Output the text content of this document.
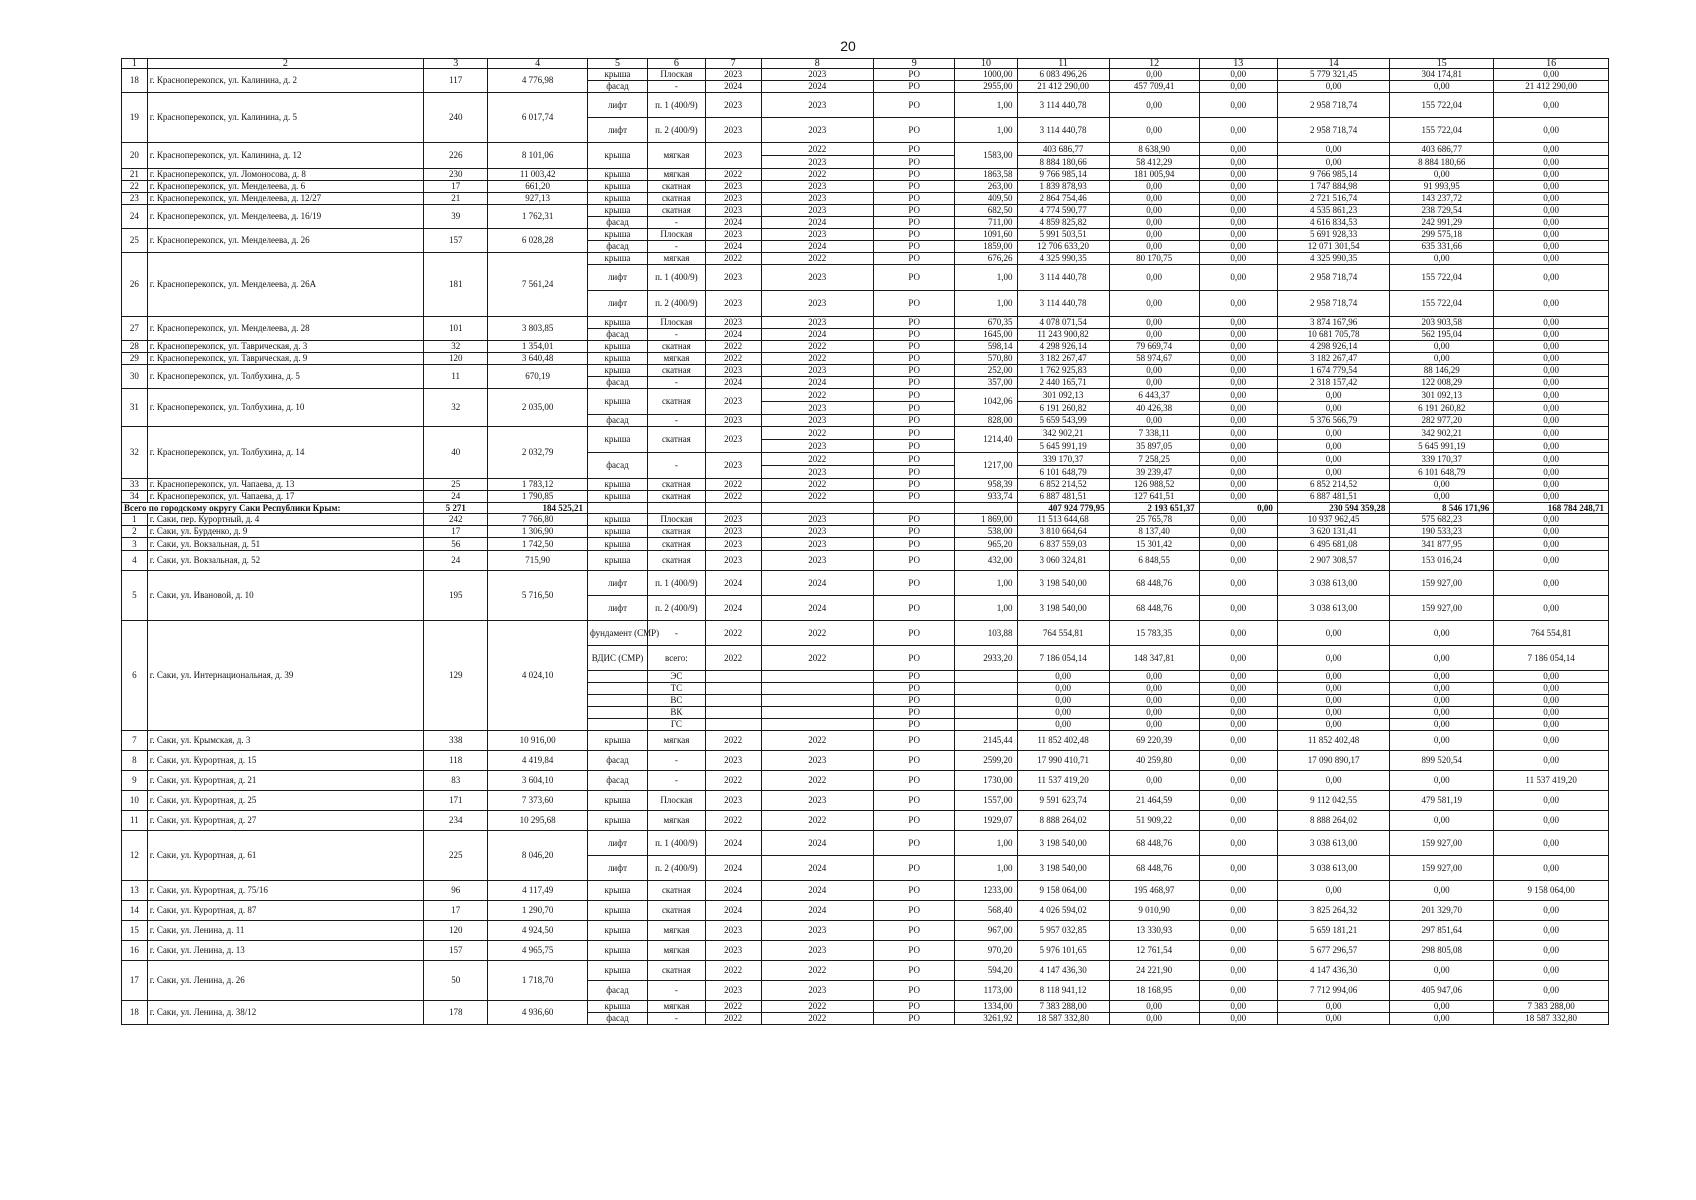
20
1	2	3	4	5	6	7	8	9	10	11	12	13	14	15	16
18	г. Красноперекопск, ул. Калинина, д. 2	117	4 776,98	крыша	Плоская	2023	2023	РО	1000,00	6 083 496,26	0,00	0,00	5 779 321,45	304 174,81	0,00
				фасад	-	2024	2024	РО	2955,00	21 412 290,00	457 709,41	0,00	0,00	0,00	21 412 290,00
19	г. Красноперекопск, ул. Калинина, д. 5	240	6 017,74	лифт	п. 1 (400/9)	2023	2023	РО	1,00	3 114 440,78	0,00	0,00	2 958 718,74	155 722,04	0,00
				лифт	п. 2 (400/9)	2023	2023	РО	1,00	3 114 440,78	0,00	0,00	2 958 718,74	155 722,04	0,00
20	г. Красноперекопск, ул. Калинина, д. 12	226	8 101,06	крыша	мягкая	2023	2022	РО	1583,00	403 686,77	8 638,90	0,00	0,00	403 686,77	0,00
							2023	РО		8 884 180,66	58 412,29	0,00	0,00	8 884 180,66	0,00
21	г. Красноперекопск, ул. Ломоносова, д. 8	230	11 003,42	крыша	мягкая	2022	2022	РО	1863,58	9 766 985,14	181 005,94	0,00	9 766 985,14	0,00	0,00
22	г. Красноперекопск, ул. Менделеева, д. 6	17	661,20	крыша	скатная	2023	2023	РО	263,00	1 839 878,93	0,00	0,00	1 747 884,98	91 993,95	0,00
23	г. Красноперекопск, ул. Менделеева, д. 12/27	21	927,13	крыша	скатная	2023	2023	РО	409,50	2 864 754,46	0,00	0,00	2 721 516,74	143 237,72	0,00
24	г. Красноперекопск, ул. Менделеева, д. 16/19	39	1 762,31	крыша	скатная	2023	2023	РО	682,50	4 774 590,77	0,00	0,00	4 535 861,23	238 729,54	0,00
				фасад	-	2024	2024	РО	711,00	4 859 825,82	0,00	0,00	4 616 834,53	242 991,29	0,00
25	г. Красноперекопск, ул. Менделеева, д. 26	157	6 028,28	крыша	Плоская	2023	2023	РО	1091,60	5 991 503,51	0,00	0,00	5 691 928,33	299 575,18	0,00
				фасад	-	2024	2024	РО	1859,00	12 706 633,20	0,00	0,00	12 071 301,54	635 331,66	0,00
26	г. Красноперекопск, ул. Менделеева, д. 26А	181	7 561,24	крыша	мягкая	2022	2022	РО	676,26	4 325 990,35	80 170,75	0,00	4 325 990,35	0,00	0,00
				лифт	п. 1 (400/9)	2023	2023	РО	1,00	3 114 440,78	0,00	0,00	2 958 718,74	155 722,04	0,00
				лифт	п. 2 (400/9)	2023	2023	РО	1,00	3 114 440,78	0,00	0,00	2 958 718,74	155 722,04	0,00
27	г. Красноперекопск, ул. Менделеева, д. 28	101	3 803,85	крыша	Плоская	2023	2023	РО	670,35	4 078 071,54	0,00	0,00	3 874 167,96	203 903,58	0,00
				фасад	-	2024	2024	РО	1645,00	11 243 900,82	0,00	0,00	10 681 705,78	562 195,04	0,00
28	г. Красноперекопск, ул. Таврическая, д. 3	32	1 354,01	крыша	скатная	2022	2022	РО	598,14	4 298 926,14	79 669,74	0,00	4 298 926,14	0,00	0,00
29	г. Красноперекопск, ул. Таврическая, д. 9	120	3 640,48	крыша	мягкая	2022	2022	РО	570,80	3 182 267,47	58 974,67	0,00	3 182 267,47	0,00	0,00
30	г. Красноперекопск, ул. Толбухина, д. 5	11	670,19	крыша	скатная	2023	2023	РО	252,00	1 762 925,83	0,00	0,00	1 674 779,54	88 146,29	0,00
				фасад	-	2024	2024	РО	357,00	2 440 165,71	0,00	0,00	2 318 157,42	122 008,29	0,00
31	г. Красноперекопск, ул. Толбухина, д. 10	32	2 035,00	крыша	скатная	2023	2022	РО	1042,06	301 092,13	6 443,37	0,00	0,00	301 092,13	0,00
							2023	РО		6 191 260,82	40 426,38	0,00	0,00	6 191 260,82	0,00
				фасад	-	2023	2023	РО	828,00	5 659 543,99	0,00	0,00	5 376 566,79	282 977,20	0,00
32	г. Красноперекопск, ул. Толбухина, д. 14	40	2 032,79	крыша	скатная	2023	2022	РО	1214,40	342 902,21	7 338,11	0,00	0,00	342 902,21	0,00
							2023	РО		5 645 991,19	35 897,05	0,00	0,00	5 645 991,19	0,00
				фасад	-	2023	2022	РО	1217,00	339 170,37	7 258,25	0,00	0,00	339 170,37	0,00
							2023	РО		6 101 648,79	39 239,47	0,00	0,00	6 101 648,79	0,00
33	г. Красноперекопск, ул. Чапаева, д. 13	25	1 783,12	крыша	скатная	2022	2022	РО	958,39	6 852 214,52	126 988,52	0,00	6 852 214,52	0,00	0,00
34	г. Красноперекопск, ул. Чапаева, д. 17	24	1 790,85	крыша	скатная	2022	2022	РО	933,74	6 887 481,51	127 641,51	0,00	6 887 481,51	0,00	0,00
Всего по городскому округу Саки Республики Крым:		5 271	184 525,21							407 924 779,95	2 193 651,37	0,00	230 594 359,28	8 546 171,96	168 784 248,71
1	г. Саки, пер. Курортный, д. 4	242	7 766,80	крыша	Плоская	2023	2023	РО	1 869,00	11 513 644,68	25 765,78	0,00	10 937 962,45	575 682,23	0,00
2	г. Саки, ул. Бурденко, д. 9	17	1 306,90	крыша	скатная	2023	2023	РО	538,00	3 810 664,64	8 137,40	0,00	3 620 131,41	190 533,23	0,00
3	г. Саки, ул. Вокзальная, д. 51	56	1 742,50	крыша	скатная	2023	2023	РО	965,20	6 837 559,03	15 301,42	0,00	6 495 681,08	341 877,95	0,00
4	г. Саки, ул. Вокзальная, д. 52	24	715,90	крыша	скатная	2023	2023	РО	432,00	3 060 324,81	6 848,55	0,00	2 907 308,57	153 016,24	0,00
5	г. Саки, ул. Ивановой, д. 10	195	5 716,50	лифт	п. 1 (400/9)	2024	2024	РО	1,00	3 198 540,00	68 448,76	0,00	3 038 613,00	159 927,00	0,00
				лифт	п. 2 (400/9)	2024	2024	РО	1,00	3 198 540,00	68 448,76	0,00	3 038 613,00	159 927,00	0,00
6	г. Саки, ул. Интернациональная, д. 39	129	4 024,10	фундамент (СМР)	-	2022	2022	РО	103,88	764 554,81	15 783,35	0,00	0,00	0,00	764 554,81
				ВДИС (СМР)	всего:	2022	2022	РО	2933,20	7 186 054,14	148 347,81	0,00	0,00	0,00	7 186 054,14
					ЭС			РО		0,00	0,00	0,00	0,00	0,00	0,00
					ТС			РО		0,00	0,00	0,00	0,00	0,00	0,00
					ВС			РО		0,00	0,00	0,00	0,00	0,00	0,00
					ВК			РО		0,00	0,00	0,00	0,00	0,00	0,00
					ГС			РО		0,00	0,00	0,00	0,00	0,00	0,00
7	г. Саки, ул. Крымская, д. 3	338	10 916,00	крыша	мягкая	2022	2022	РО	2145,44	11 852 402,48	69 220,39	0,00	11 852 402,48	0,00	0,00
8	г. Саки, ул. Курортная, д. 15	118	4 419,84	фасад	-	2023	2023	РО	2599,20	17 990 410,71	40 259,80	0,00	17 090 890,17	899 520,54	0,00
9	г. Саки, ул. Курортная, д. 21	83	3 604,10	фасад	-	2022	2022	РО	1730,00	11 537 419,20	0,00	0,00	0,00	0,00	11 537 419,20
10	г. Саки, ул. Курортная, д. 25	171	7 373,60	крыша	Плоская	2023	2023	РО	1557,00	9 591 623,74	21 464,59	0,00	9 112 042,55	479 581,19	0,00
11	г. Саки, ул. Курортная, д. 27	234	10 295,68	крыша	мягкая	2022	2022	РО	1929,07	8 888 264,02	51 909,22	0,00	8 888 264,02	0,00	0,00
12	г. Саки, ул. Курортная, д. 61	225	8 046,20	лифт	п. 1 (400/9)	2024	2024	РО	1,00	3 198 540,00	68 448,76	0,00	3 038 613,00	159 927,00	0,00
				лифт	п. 2 (400/9)	2024	2024	РО	1,00	3 198 540,00	68 448,76	0,00	3 038 613,00	159 927,00	0,00
13	г. Саки, ул. Курортная, д. 75/16	96	4 117,49	крыша	скатная	2024	2024	РО	1233,00	9 158 064,00	195 468,97	0,00	0,00	0,00	9 158 064,00
14	г. Саки, ул. Курортная, д. 87	17	1 290,70	крыша	скатная	2024	2024	РО	568,40	4 026 594,02	9 010,90	0,00	3 825 264,32	201 329,70	0,00
15	г. Саки, ул. Ленина, д. 11	120	4 924,50	крыша	мягкая	2023	2023	РО	967,00	5 957 032,85	13 330,93	0,00	5 659 181,21	297 851,64	0,00
16	г. Саки, ул. Ленина, д. 13	157	4 965,75	крыша	мягкая	2023	2023	РО	970,20	5 976 101,65	12 761,54	0,00	5 677 296,57	298 805,08	0,00
17	г. Саки, ул. Ленина, д. 26	50	1 718,70	крыша	скатная	2022	2022	РО	594,20	4 147 436,30	24 221,90	0,00	4 147 436,30	0,00	0,00
				фасад	-	2023	2023	РО	1173,00	8 118 941,12	18 168,95	0,00	7 712 994,06	405 947,06	0,00
18	г. Саки, ул. Ленина, д. 38/12	178	4 936,60	крыша	мягкая	2022	2022	РО	1334,00	7 383 288,00	0,00	0,00	0,00	0,00	7 383 288,00
				фасад	-	2022	2022	РО	3261,92	18 587 332,80	0,00	0,00	0,00	0,00	18 587 332,80
